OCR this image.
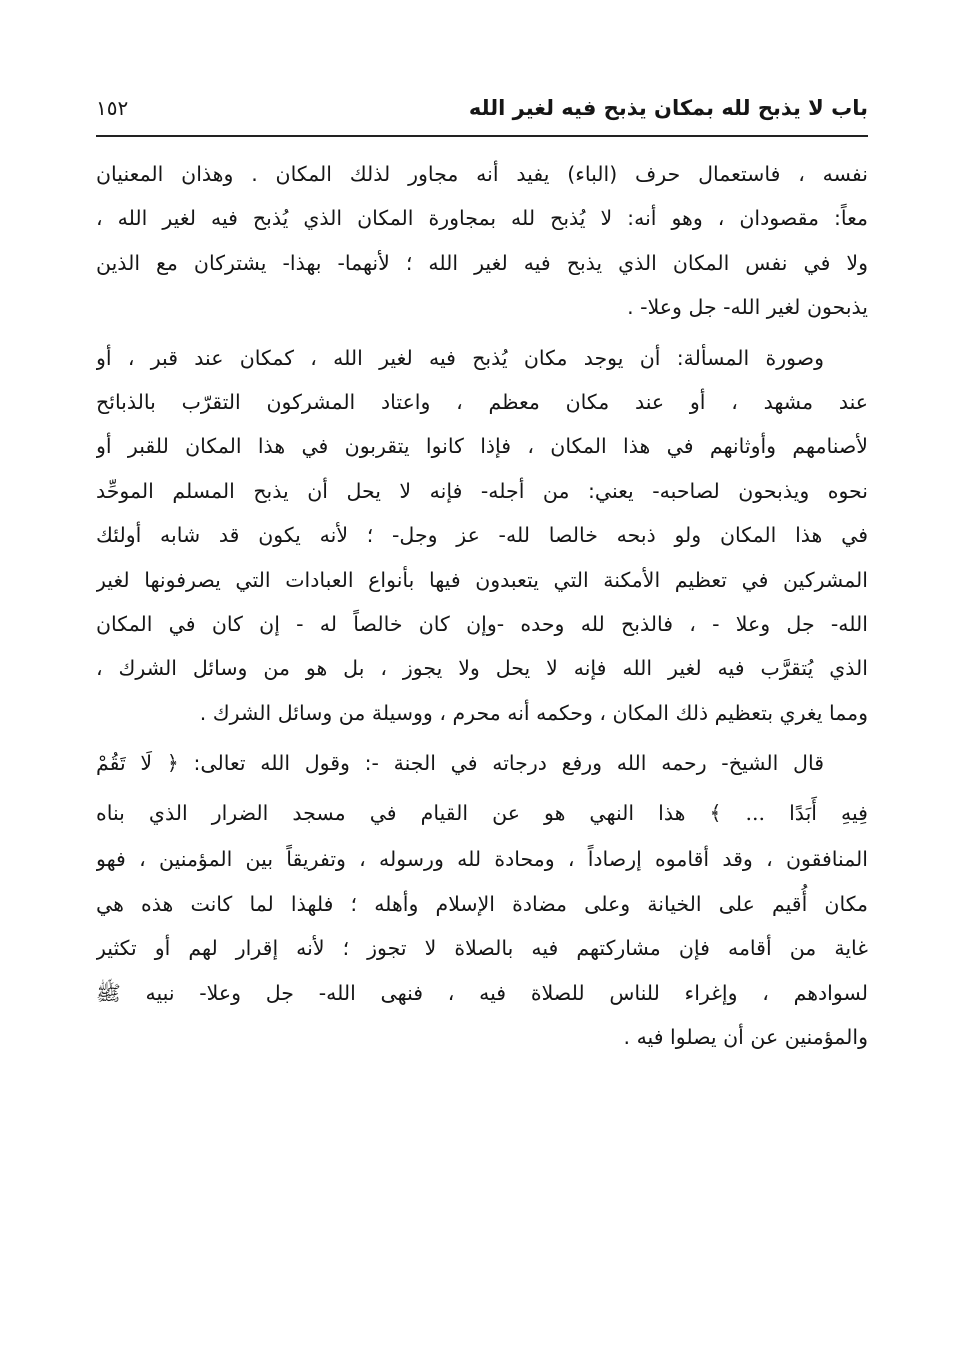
باب لا يذبح لله بمكان يذبح فيه لغير الله
١٥٢
نفسه ، فاستعمال حرف (الباء) يفيد أنه مجاور لذلك المكان . وهذان المعنيان
معاً: مقصودان ، وهو أنه: لا يُذبح لله بمجاورة المكان الذي يُذبح فيه لغير الله ،
ولا في نفس المكان الذي يذبح فيه لغير الله ؛ لأنهما- بهذا- يشتركان مع الذين
يذبحون لغير الله- جل وعلا- .
وصورة المسألة: أن يوجد مكان يُذبح فيه لغير الله ، كمكان عند قبر ، أو
عند مشهد ، أو عند مكان معظم ، واعتاد المشركون التقرّب بالذبائح
لأصنامهم وأوثانهم في هذا المكان ، فإذا كانوا يتقربون في هذا المكان للقبر أو
نحوه ويذبحون لصاحبه- يعني: من أجله- فإنه لا يحل أن يذبح المسلم الموحِّد
في هذا المكان ولو ذبحه خالصا لله- عز وجل- ؛ لأنه يكون قد شابه أولئك
المشركين في تعظيم الأمكنة التي يتعبدون فيها بأنواع العبادات التي يصرفونها لغير
الله- جل وعلا - ، فالذبح لله وحده -وإن كان خالصاً له - إن كان في المكان
الذي يُتقرَّب فيه لغير الله فإنه لا يحل ولا يجوز ، بل هو من وسائل الشرك ،
ومما يغري بتعظيم ذلك المكان ، وحكمه أنه محرم ، ووسيلة من وسائل الشرك .
قال الشيخ- رحمه الله ورفع درجاته في الجنة -: وقول الله تعالى: ﴿ لَا تَقُمْ
فِيهِ أَبَدًا ... ﴾ هذا النهي هو عن القيام في مسجد الضرار الذي بناه
المنافقون ، وقد أقاموه إرصاداً ، ومحادة لله ورسوله ، وتفريقاً بين المؤمنين ، فهو
مكان أُقيم على الخيانة وعلى مضادة الإسلام وأهله ؛ فلهذا لما كانت هذه هي
غاية من أقامه فإن مشاركتهم فيه بالصلاة لا تجوز ؛ لأنه إقرار لهم أو تكثير
لسوادهم ، وإغراء للناس للصلاة فيه ، فنهى الله- جل وعلا- نبيه ﷺ
والمؤمنين عن أن يصلوا فيه .
